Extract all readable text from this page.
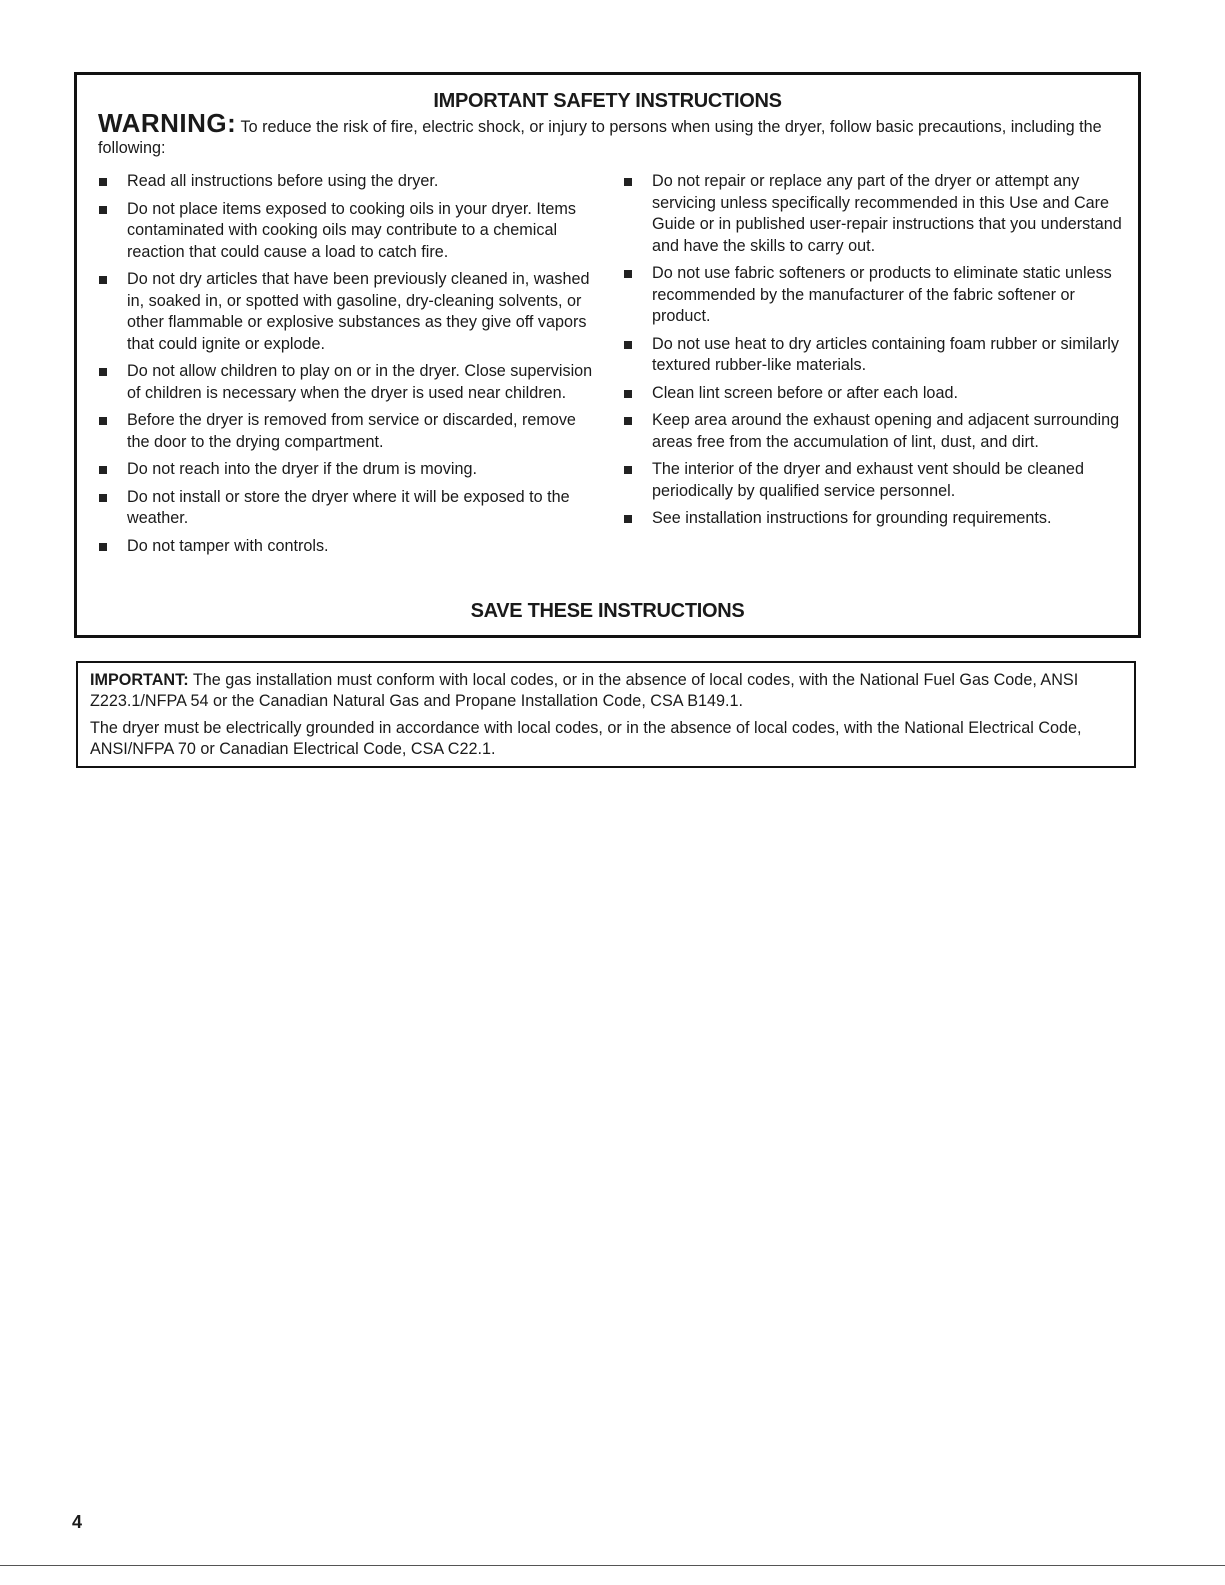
IMPORTANT SAFETY INSTRUCTIONS
WARNING: To reduce the risk of fire, electric shock, or injury to persons when using the dryer, follow basic precautions, including the following:
Read all instructions before using the dryer.
Do not place items exposed to cooking oils in your dryer. Items contaminated with cooking oils may contribute to a chemical reaction that could cause a load to catch fire.
Do not dry articles that have been previously cleaned in, washed in, soaked in, or spotted with gasoline, dry-cleaning solvents, or other flammable or explosive substances as they give off vapors that could ignite or explode.
Do not allow children to play on or in the dryer. Close supervision of children is necessary when the dryer is used near children.
Before the dryer is removed from service or discarded, remove the door to the drying compartment.
Do not reach into the dryer if the drum is moving.
Do not install or store the dryer where it will be exposed to the weather.
Do not tamper with controls.
Do not repair or replace any part of the dryer or attempt any servicing unless specifically recommended in this Use and Care Guide or in published user-repair instructions that you understand and have the skills to carry out.
Do not use fabric softeners or products to eliminate static unless recommended by the manufacturer of the fabric softener or product.
Do not use heat to dry articles containing foam rubber or similarly textured rubber-like materials.
Clean lint screen before or after each load.
Keep area around the exhaust opening and adjacent surrounding areas free from the accumulation of lint, dust, and dirt.
The interior of the dryer and exhaust vent should be cleaned periodically by qualified service personnel.
See installation instructions for grounding requirements.
SAVE THESE INSTRUCTIONS

IMPORTANT: The gas installation must conform with local codes, or in the absence of local codes, with the National Fuel Gas Code, ANSI Z223.1/NFPA 54 or the Canadian Natural Gas and Propane Installation Code, CSA B149.1.

The dryer must be electrically grounded in accordance with local codes, or in the absence of local codes, with the National Electrical Code, ANSI/NFPA 70 or Canadian Electrical Code, CSA C22.1.

4
